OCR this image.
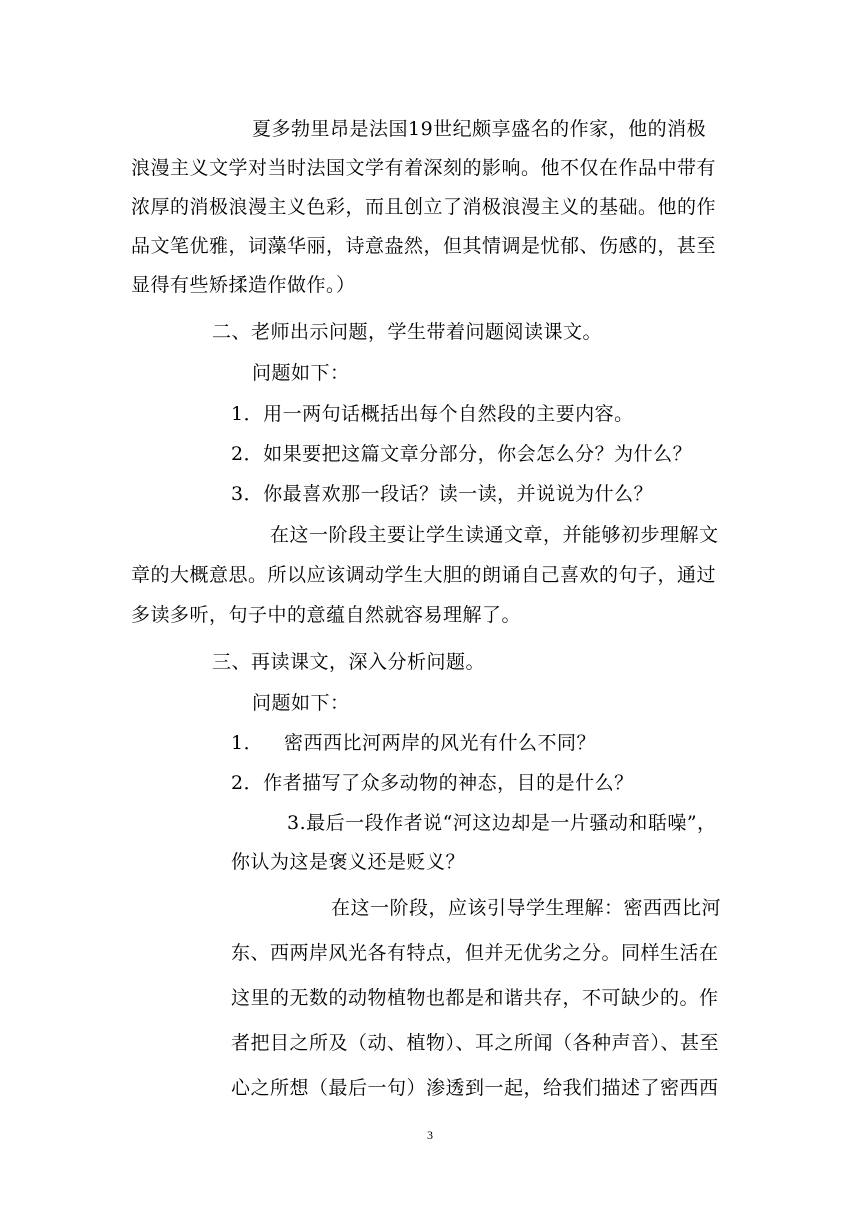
夏多勃里昂是法国19世纪颇享盛名的作家，他的消极
浪漫主义文学对当时法国文学有着深刻的影响。他不仅在作品中带有
浓厚的消极浪漫主义色彩，而且创立了消极浪漫主义的基础。他的作
品文笔优雅，词藻华丽，诗意盎然，但其情调是忧郁、伤感的，甚至
显得有些矫揉造作做作。）
二、老师出示问题，学生带着问题阅读课文。
问题如下：
1．用一两句话概括出每个自然段的主要内容。
2．如果要把这篇文章分部分，你会怎么分？为什么？
3．你最喜欢那一段话？读一读，并说说为什么？
在这一阶段主要让学生读通文章，并能够初步理解文
章的大概意思。所以应该调动学生大胆的朗诵自己喜欢的句子，通过
多读多听，句子中的意蕴自然就容易理解了。
三、再读课文，深入分析问题。
问题如下：
1． 密西西比河两岸的风光有什么不同？
2．作者描写了众多动物的神态，目的是什么？
3.最后一段作者说“河这边却是一片骚动和聒噪”，
你认为这是褒义还是贬义？
在这一阶段，应该引导学生理解：密西西比河
东、西两岸风光各有特点，但并无优劣之分。同样生活在
这里的无数的动物植物也都是和谐共存，不可缺少的。作
者把目之所及（动、植物）、耳之所闻（各种声音）、甚至
心之所想（最后一句）渗透到一起，给我们描述了密西西
3
